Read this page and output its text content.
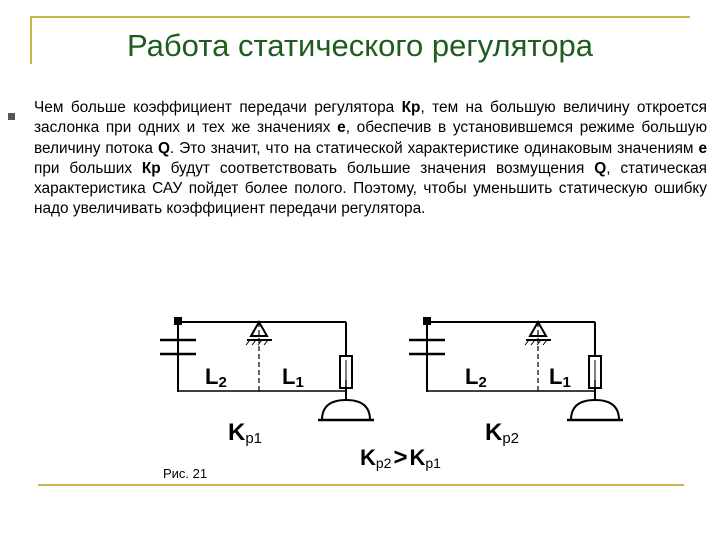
Работа статического регулятора
Чем больше коэффициент передачи регулятора Кр, тем на большую величину откроется заслонка при одних и тех же значениях е, обеспечив в установившемся режиме большую величину потока Q. Это значит, что на статической характеристике одинаковым значениям е при больших Кр будут соответствовать большие значения возмущения Q, статическая характеристика САУ пойдет более полого. Поэтому, чтобы уменьшить статическую ошибку надо увеличивать коэффициент передачи регулятора.
L2	L1
Kp1
L2	L1
Kp2
Kp2>Kp1
Рис. 21
